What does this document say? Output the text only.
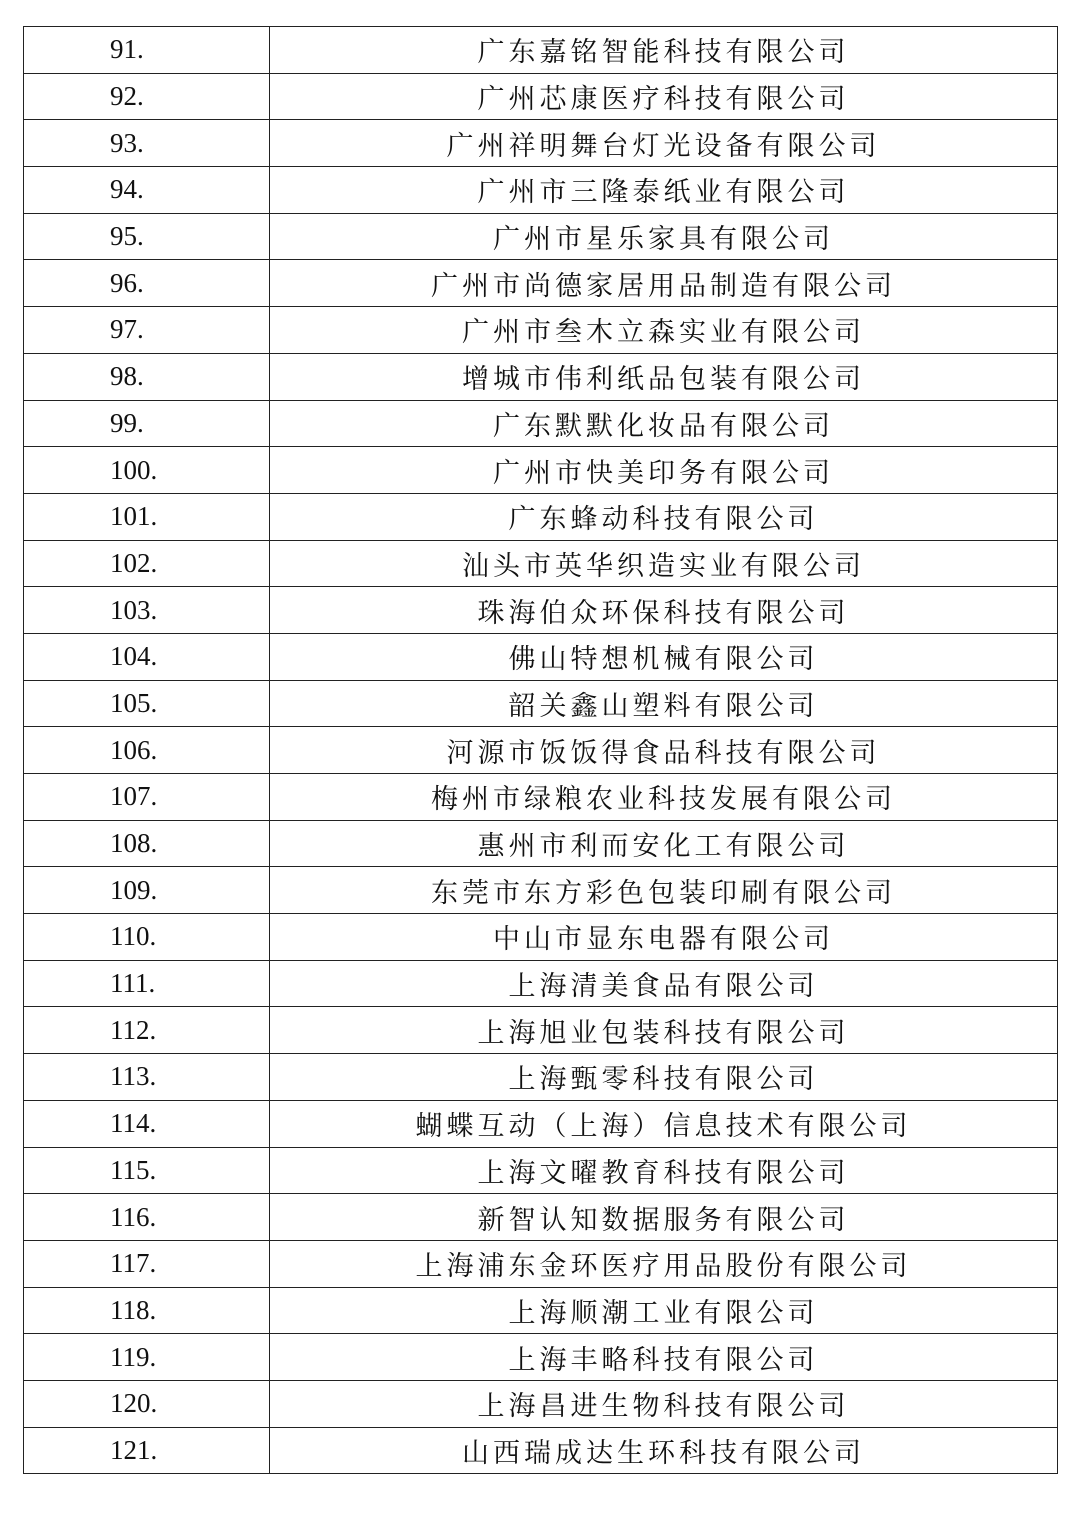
91.	广东嘉铭智能科技有限公司
92.	广州芯康医疗科技有限公司
93.	广州祥明舞台灯光设备有限公司
94.	广州市三隆泰纸业有限公司
95.	广州市星乐家具有限公司
96.	广州市尚德家居用品制造有限公司
97.	广州市叁木立森实业有限公司
98.	增城市伟利纸品包装有限公司
99.	广东默默化妆品有限公司
100.	广州市快美印务有限公司
101.	广东蜂动科技有限公司
102.	汕头市英华织造实业有限公司
103.	珠海伯众环保科技有限公司
104.	佛山特想机械有限公司
105.	韶关鑫山塑料有限公司
106.	河源市饭饭得食品科技有限公司
107.	梅州市绿粮农业科技发展有限公司
108.	惠州市利而安化工有限公司
109.	东莞市东方彩色包装印刷有限公司
110.	中山市显东电器有限公司
111.	上海清美食品有限公司
112.	上海旭业包装科技有限公司
113.	上海甄零科技有限公司
114.	蝴蝶互动（上海）信息技术有限公司
115.	上海文曜教育科技有限公司
116.	新智认知数据服务有限公司
117.	上海浦东金环医疗用品股份有限公司
118.	上海顺潮工业有限公司
119.	上海丰略科技有限公司
120.	上海昌进生物科技有限公司
121.	山西瑞成达生环科技有限公司
